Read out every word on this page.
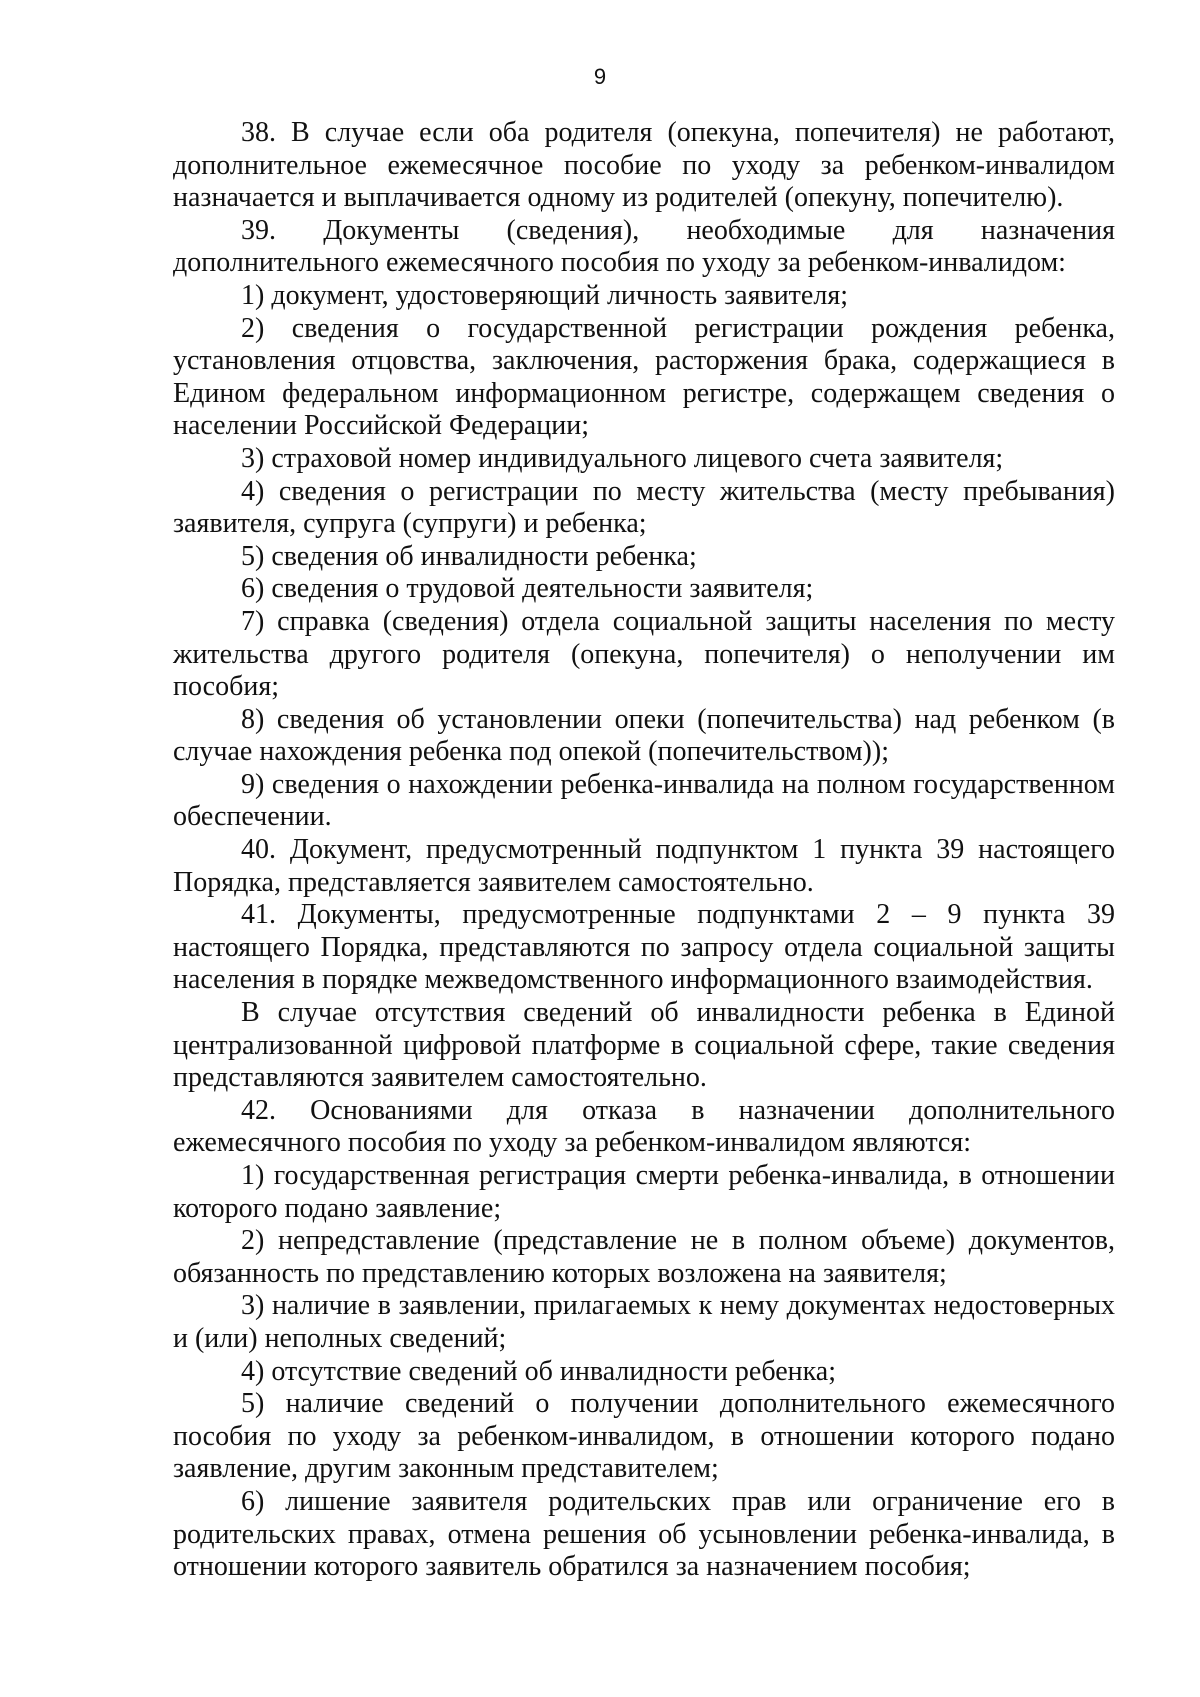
9

38. В случае если оба родителя (опекуна, попечителя) не работают, дополнительное ежемесячное пособие по уходу за ребенком-инвалидом назначается и выплачивается одному из родителей (опекуну, попечителю).

39. Документы (сведения), необходимые для назначения дополнительного ежемесячного пособия по уходу за ребенком-инвалидом:

1) документ, удостоверяющий личность заявителя;

2) сведения о государственной регистрации рождения ребенка, установления отцовства, заключения, расторжения брака, содержащиеся в Едином федеральном информационном регистре, содержащем сведения о населении Российской Федерации;

3) страховой номер индивидуального лицевого счета заявителя;

4) сведения о регистрации по месту жительства (месту пребывания) заявителя, супруга (супруги) и ребенка;

5) сведения об инвалидности ребенка;

6) сведения о трудовой деятельности заявителя;

7) справка (сведения) отдела социальной защиты населения по месту жительства другого родителя (опекуна, попечителя) о неполучении им пособия;

8) сведения об установлении опеки (попечительства) над ребенком (в случае нахождения ребенка под опекой (попечительством));

9) сведения о нахождении ребенка-инвалида на полном государственном обеспечении.

40. Документ, предусмотренный подпунктом 1 пункта 39 настоящего Порядка, представляется заявителем самостоятельно.

41. Документы, предусмотренные подпунктами 2 – 9 пункта 39 настоящего Порядка, представляются по запросу отдела социальной защиты населения в порядке межведомственного информационного взаимодействия.

В случае отсутствия сведений об инвалидности ребенка в Единой централизованной цифровой платформе в социальной сфере, такие сведения представляются заявителем самостоятельно.

42. Основаниями для отказа в назначении дополнительного ежемесячного пособия по уходу за ребенком-инвалидом являются:

1) государственная регистрация смерти ребенка-инвалида, в отношении которого подано заявление;

2) непредставление (представление не в полном объеме) документов, обязанность по представлению которых возложена на заявителя;

3) наличие в заявлении, прилагаемых к нему документах недостоверных и (или) неполных сведений;

4) отсутствие сведений об инвалидности ребенка;

5) наличие сведений о получении дополнительного ежемесячного пособия по уходу за ребенком-инвалидом, в отношении которого подано заявление, другим законным представителем;

6) лишение заявителя родительских прав или ограничение его в родительских правах, отмена решения об усыновлении ребенка-инвалида, в отношении которого заявитель обратился за назначением пособия;
